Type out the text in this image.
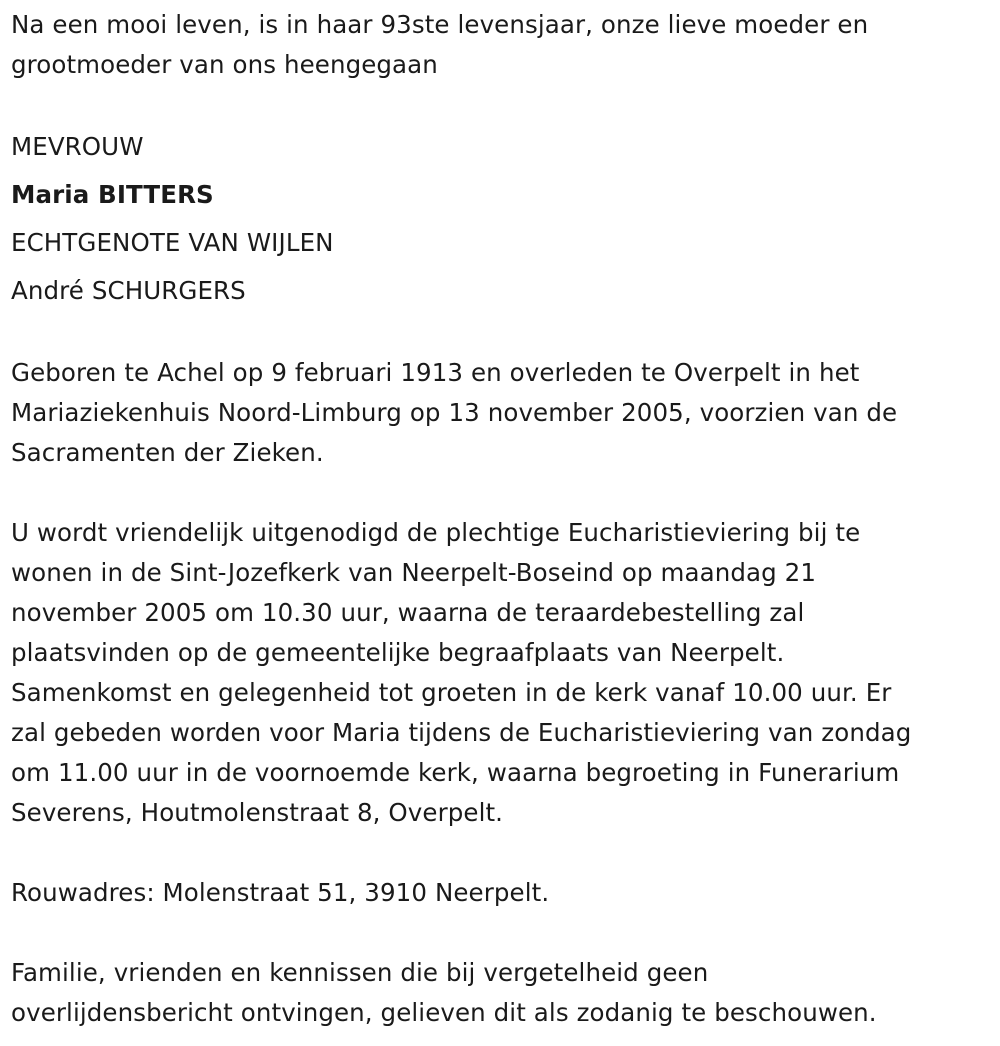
Na een mooi leven, is in haar 93ste levensjaar, onze lieve moeder en
grootmoeder van ons heengegaan

MEVROUW
Maria BITTERS
ECHTGENOTE VAN WIJLEN
André SCHURGERS

Geboren te Achel op 9 februari 1913 en overleden te Overpelt in het
Mariaziekenhuis Noord-Limburg op 13 november 2005, voorzien van de
Sacramenten der Zieken.

U wordt vriendelijk uitgenodigd de plechtige Eucharistieviering bij te
wonen in de Sint-Jozefkerk van Neerpelt-Boseind op maandag 21
november 2005 om 10.30 uur, waarna de teraardebestelling zal
plaatsvinden op de gemeentelijke begraafplaats van Neerpelt.
Samenkomst en gelegenheid tot groeten in de kerk vanaf 10.00 uur. Er
zal gebeden worden voor Maria tijdens de Eucharistieviering van zondag
om 11.00 uur in de voornoemde kerk, waarna begroeting in Funerarium
Severens, Houtmolenstraat 8, Overpelt.

Rouwadres: Molenstraat 51, 3910 Neerpelt.

Familie, vrienden en kennissen die bij vergetelheid geen
overlijdensbericht ontvingen, gelieven dit als zodanig te beschouwen.
